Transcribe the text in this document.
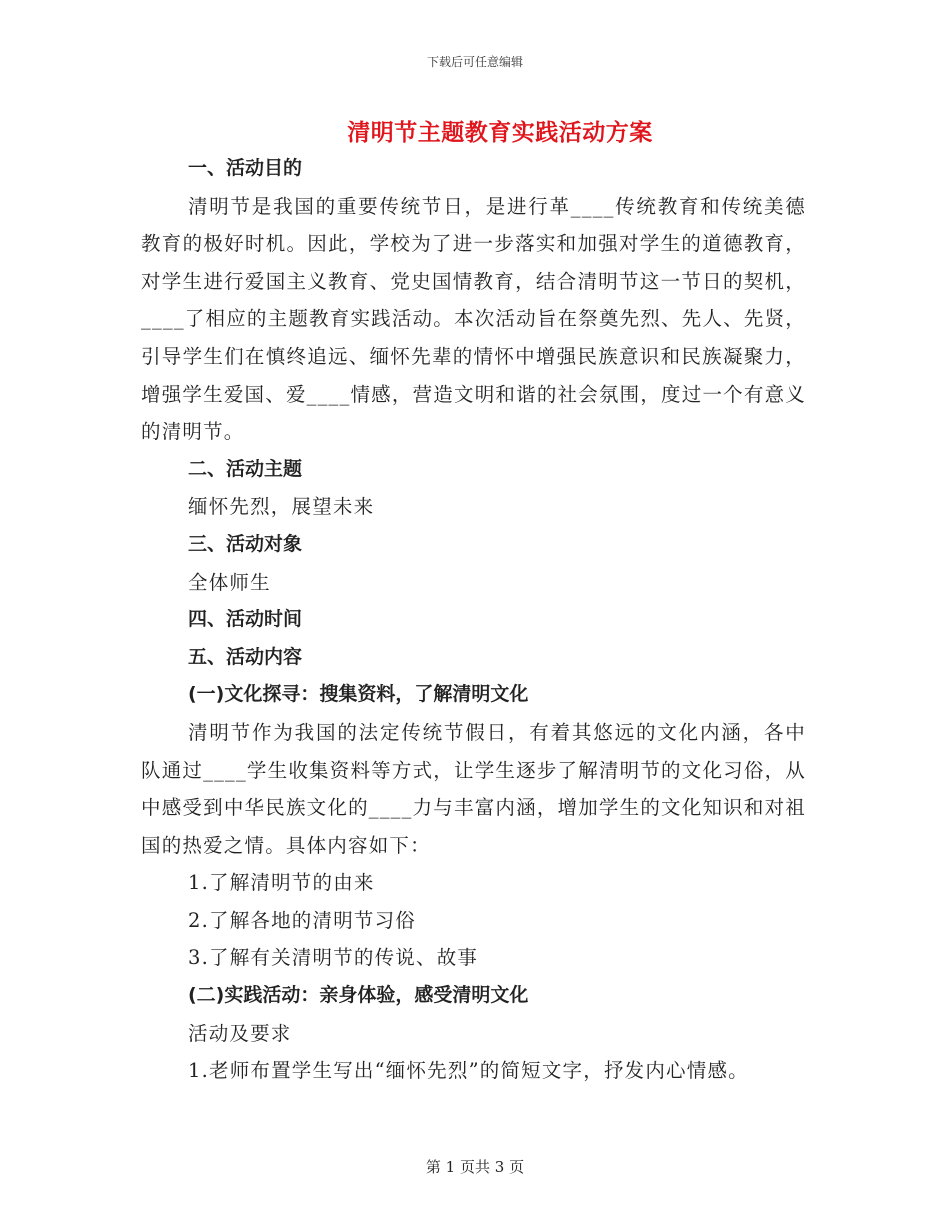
下载后可任意编辑
清明节主题教育实践活动方案
一、活动目的
清明节是我国的重要传统节日，是进行革____传统教育和传统美德教育的极好时机。因此，学校为了进一步落实和加强对学生的道德教育，对学生进行爱国主义教育、党史国情教育，结合清明节这一节日的契机，____了相应的主题教育实践活动。本次活动旨在祭奠先烈、先人、先贤，引导学生们在慎终追远、缅怀先辈的情怀中增强民族意识和民族凝聚力，增强学生爱国、爱____情感，营造文明和谐的社会氛围，度过一个有意义的清明节。
二、活动主题
缅怀先烈，展望未来
三、活动对象
全体师生
四、活动时间
五、活动内容
(一)文化探寻：搜集资料，了解清明文化
清明节作为我国的法定传统节假日，有着其悠远的文化内涵，各中队通过____学生收集资料等方式，让学生逐步了解清明节的文化习俗，从中感受到中华民族文化的____力与丰富内涵，增加学生的文化知识和对祖国的热爱之情。具体内容如下：
1.了解清明节的由来
2.了解各地的清明节习俗
3.了解有关清明节的传说、故事
(二)实践活动：亲身体验，感受清明文化
活动及要求
1.老师布置学生写出“缅怀先烈”的简短文字，抒发内心情感。
第 1 页共 3 页
